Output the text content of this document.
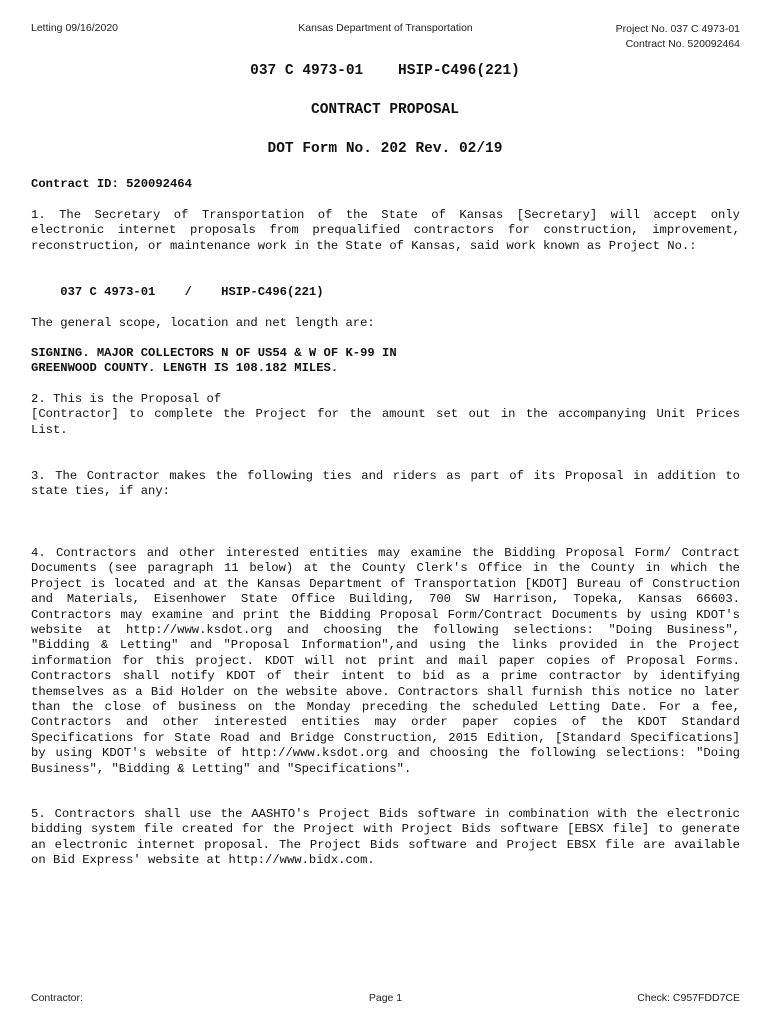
Letting 09/16/2020	Kansas Department of Transportation	Project No. 037 C 4973-01
Contract No. 520092464
037 C 4973-01    HSIP-C496(221)
CONTRACT PROPOSAL
DOT Form No. 202 Rev. 02/19
Contract ID: 520092464
1. The Secretary of Transportation of the State of Kansas [Secretary] will accept only electronic internet proposals from prequalified contractors for construction, improvement, reconstruction, or maintenance work in the State of Kansas, said work known as Project No.:
037 C 4973-01    /    HSIP-C496(221)
The general scope, location and net length are:
SIGNING. MAJOR COLLECTORS N OF US54 & W OF K-99 IN
GREENWOOD COUNTY. LENGTH IS 108.182 MILES.
2. This is the Proposal of
[Contractor] to complete the Project for the amount set out in the accompanying Unit Prices List.
3. The Contractor makes the following ties and riders as part of its Proposal in addition to state ties, if any:
4. Contractors and other interested entities may examine the Bidding Proposal Form/ Contract Documents (see paragraph 11 below) at the County Clerk's Office in the County in which the Project is located and at the Kansas Department of Transportation [KDOT] Bureau of Construction and Materials, Eisenhower State Office Building, 700 SW Harrison, Topeka, Kansas 66603. Contractors may examine and print the Bidding Proposal Form/Contract Documents by using KDOT's website at http://www.ksdot.org and choosing the following selections: "Doing Business", "Bidding & Letting" and "Proposal Information",and using the links provided in the Project information for this project. KDOT will not print and mail paper copies of Proposal Forms. Contractors shall notify KDOT of their intent to bid as a prime contractor by identifying themselves as a Bid Holder on the website above. Contractors shall furnish this notice no later than the close of business on the Monday preceding the scheduled Letting Date. For a fee, Contractors and other interested entities may order paper copies of the KDOT Standard Specifications for State Road and Bridge Construction, 2015 Edition, [Standard Specifications] by using KDOT's website of http://www.ksdot.org and choosing the following selections: "Doing Business", "Bidding & Letting" and "Specifications".
5. Contractors shall use the AASHTO's Project Bids software in combination with the electronic bidding system file created for the Project with Project Bids software [EBSX file] to generate an electronic internet proposal. The Project Bids software and Project EBSX file are available on Bid Express' website at http://www.bidx.com.
Contractor:	Page 1	Check: C957FDD7CE
